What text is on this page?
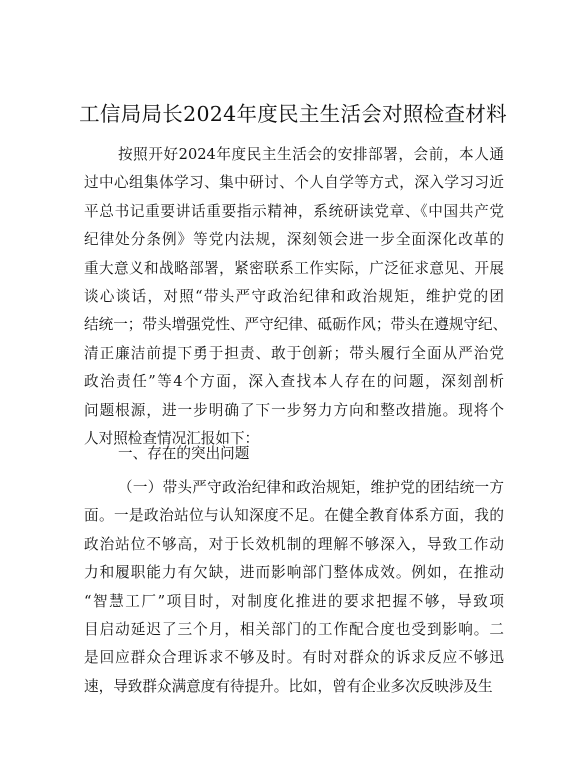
工信局局长2024年度民主生活会对照检查材料
按照开好2024年度民主生活会的安排部署，会前，本人通
过中心组集体学习、集中研讨、个人自学等方式，深入学习习近
平总书记重要讲话重要指示精神，系统研读党章、《中国共产党
纪律处分条例》等党内法规，深刻领会进一步全面深化改革的
重大意义和战略部署，紧密联系工作实际，广泛征求意见、开展
谈心谈话，对照“带头严守政治纪律和政治规矩，维护党的团
结统一；带头增强党性、严守纪律、砥砺作风；带头在遵规守纪、
清正廉洁前提下勇于担责、敢于创新；带头履行全面从严治党
政治责任”等4个方面，深入查找本人存在的问题，深刻剖析
问题根源，进一步明确了下一步努力方向和整改措施。现将个
人对照检查情况汇报如下：
一、存在的突出问题
（一）带头严守政治纪律和政治规矩，维护党的团结统一方
面。一是政治站位与认知深度不足。在健全教育体系方面，我的
政治站位不够高，对于长效机制的理解不够深入，导致工作动
力和履职能力有欠缺，进而影响部门整体成效。例如，在推动
“智慧工厂”项目时，对制度化推进的要求把握不够，导致项
目启动延迟了三个月，相关部门的工作配合度也受到影响。二
是回应群众合理诉求不够及时。有时对群众的诉求反应不够迅
速，导致群众满意度有待提升。比如，曾有企业多次反映涉及生
